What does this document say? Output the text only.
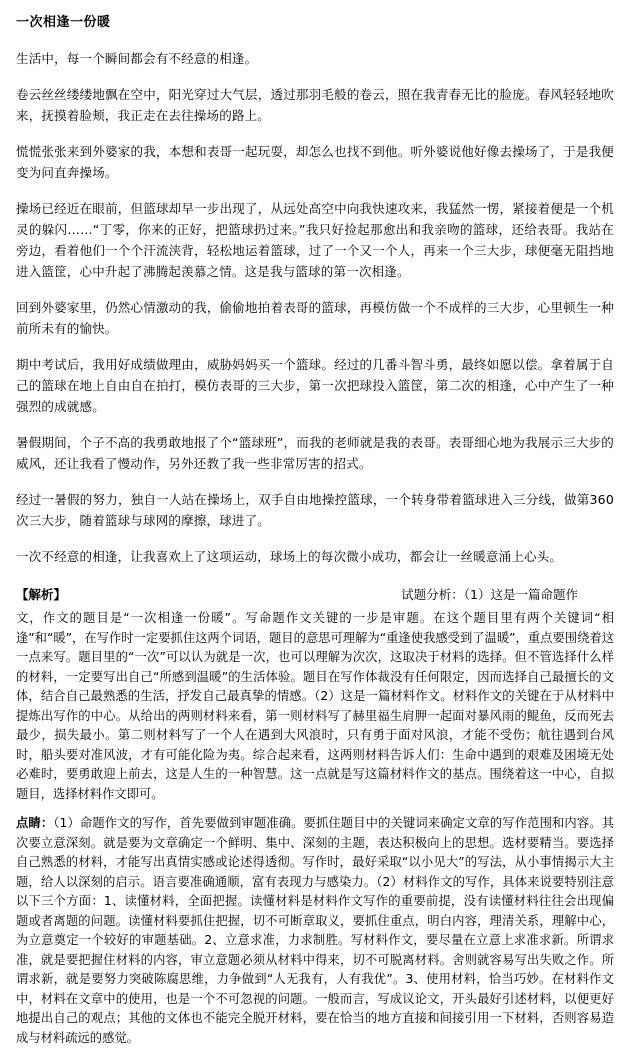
一次相逢一份暖

生活中，每一个瞬间都会有不经意的相逢。

卷云丝丝缕缕地飘在空中，阳光穿过大气层，透过那羽毛般的卷云，照在我青春无比的脸庞。春风轻轻地吹来，抚摸着脸颊，我正走在去往操场的路上。

慌慌张张来到外婆家的我，本想和表哥一起玩耍，却怎么也找不到他。听外婆说他好像去操场了，于是我便变为问直奔操场。

操场已经近在眼前，但篮球却早一步出现了，从远处高空中向我快速攻来，我猛然一愣，紧接着便是一个机灵的躲闪……“丁零，你来的正好，把篮球扔过来。”我只好捡起那愈出和我亲吻的篮球，还给表哥。我站在旁边，看着他们一个个汗流浃背，轻松地运着篮球，过了一个又一个人，再来一个三大步，球便毫无阻挡地进入篮筐，心中升起了沸腾起羡慕之情。这是我与篮球的第一次相逢。

回到外婆家里，仍然心情激动的我，偷偷地拍着表哥的篮球，再模仿做一个不成样的三大步，心里顿生一种前所未有的愉快。

期中考试后，我用好成绩做理由，威胁妈妈买一个篮球。经过的几番斗智斗勇，最终如愿以偿。拿着属于自己的篮球在地上自由自在拍打，模仿表哥的三大步，第一次把球投入篮筐，第二次的相逢，心中产生了一种强烈的成就感。

暑假期间，个子不高的我勇敢地报了个“篮球班”，而我的老师就是我的表哥。表哥细心地为我展示三大步的威风，还让我看了慢动作，另外还教了我一些非常厉害的招式。

经过一暑假的努力，独自一人站在操场上，双手自由地操控篮球，一个转身带着篮球进入三分线，做第360次三大步，随着篮球与球网的摩擦，球进了。

一次不经意的相逢，让我喜欢上了这项运动，球场上的每次微小成功，都会让一丝暖意涌上心头。

【解析】	试题分析：（1）这是一篇命题作

文，作文的题目是“一次相逢一份暖”。写命题作文关键的一步是审题。在这个题目里有两个关键词“相逢”和“暖”，在写作时一定要抓住这两个词语，题目的意思可理解为“重逢使我感受到了温暖”，重点要围绕着这一点来写。题目里的“一次”可以认为就是一次，也可以理解为次次，这取决于材料的选择。但不管选择什么样的材料，一定要写出自己“所感到温暖”的生活体验。题目在写作体裁没有任何限定，因而选择自己最擅长的文体，结合自己最熟悉的生活，抒发自己最真挚的情感。（2）这是一篇材料作文。材料作文的关键在于从材料中提炼出写作的中心。从给出的两则材料来看，第一则材料写了赫里福生肩胛一起面对暴风雨的鲲鱼，反而死去最少，损失最小。第二则材料写了一个人在遇到大风浪时，只有勇于面对风浪，才能不受伤；航往遇到台风时，船头要对准风波，才有可能化险为夷。综合起来看，这两则材料告诉人们：生命中遇到的艰难及困境无处必难时，要勇敢迎上前去，这是人生的一种智慧。这一点就是写这篇材料作文的基点。围绕着这一中心，自拟题目，选择材料作文即可。

点睛：（1）命题作文的写作，首先要做到审题准确。要抓住题目中的关键词来确定文章的写作范围和内容。其次要立意深刻。就是要为文章确定一个鲜明、集中、深刻的主题，表达积极向上的思想。选材要精当。要选择自己熟悉的材料，才能写出真情实感或论述得透彻。写作时，最好采取“以小见大”的写法，从小事情揭示大主题，给人以深刻的启示。语言要准确通顺，富有表现力与感染力。（2）材料作文的写作，具体来说要特别注意以下三个方面：1、读懂材料，全面把握。读懂材料是材料作文写作的重要前提，没有读懂材料往往会出现偏题或者离题的问题。读懂材料要抓住把握，切不可断章取义，要抓住重点，明白内容，理清关系，理解中心，为立意奠定一个较好的审题基础。2、立意求准，力求制胜。写材料作文，要尽量在立意上求准求新。所谓求准，就是要把握住材料的内容，审立意题必须从材料中得来，切不可脱离材料。舍则就容易写出失败之作。所谓求新，就是要努力突破陈腐思维，力争做到“人无我有，人有我优”。3、使用材料，恰当巧妙。在材料作文中，材料在文章中的使用，也是一个不可忽视的问题。一般而言，写成议论文，开头最好引述材料，以便更好地提出自己的观点；其他的文体也不能完全脱开材料，要在恰当的地方直接和间接引用一下材料，否则容易造成与材料疏远的感觉。
